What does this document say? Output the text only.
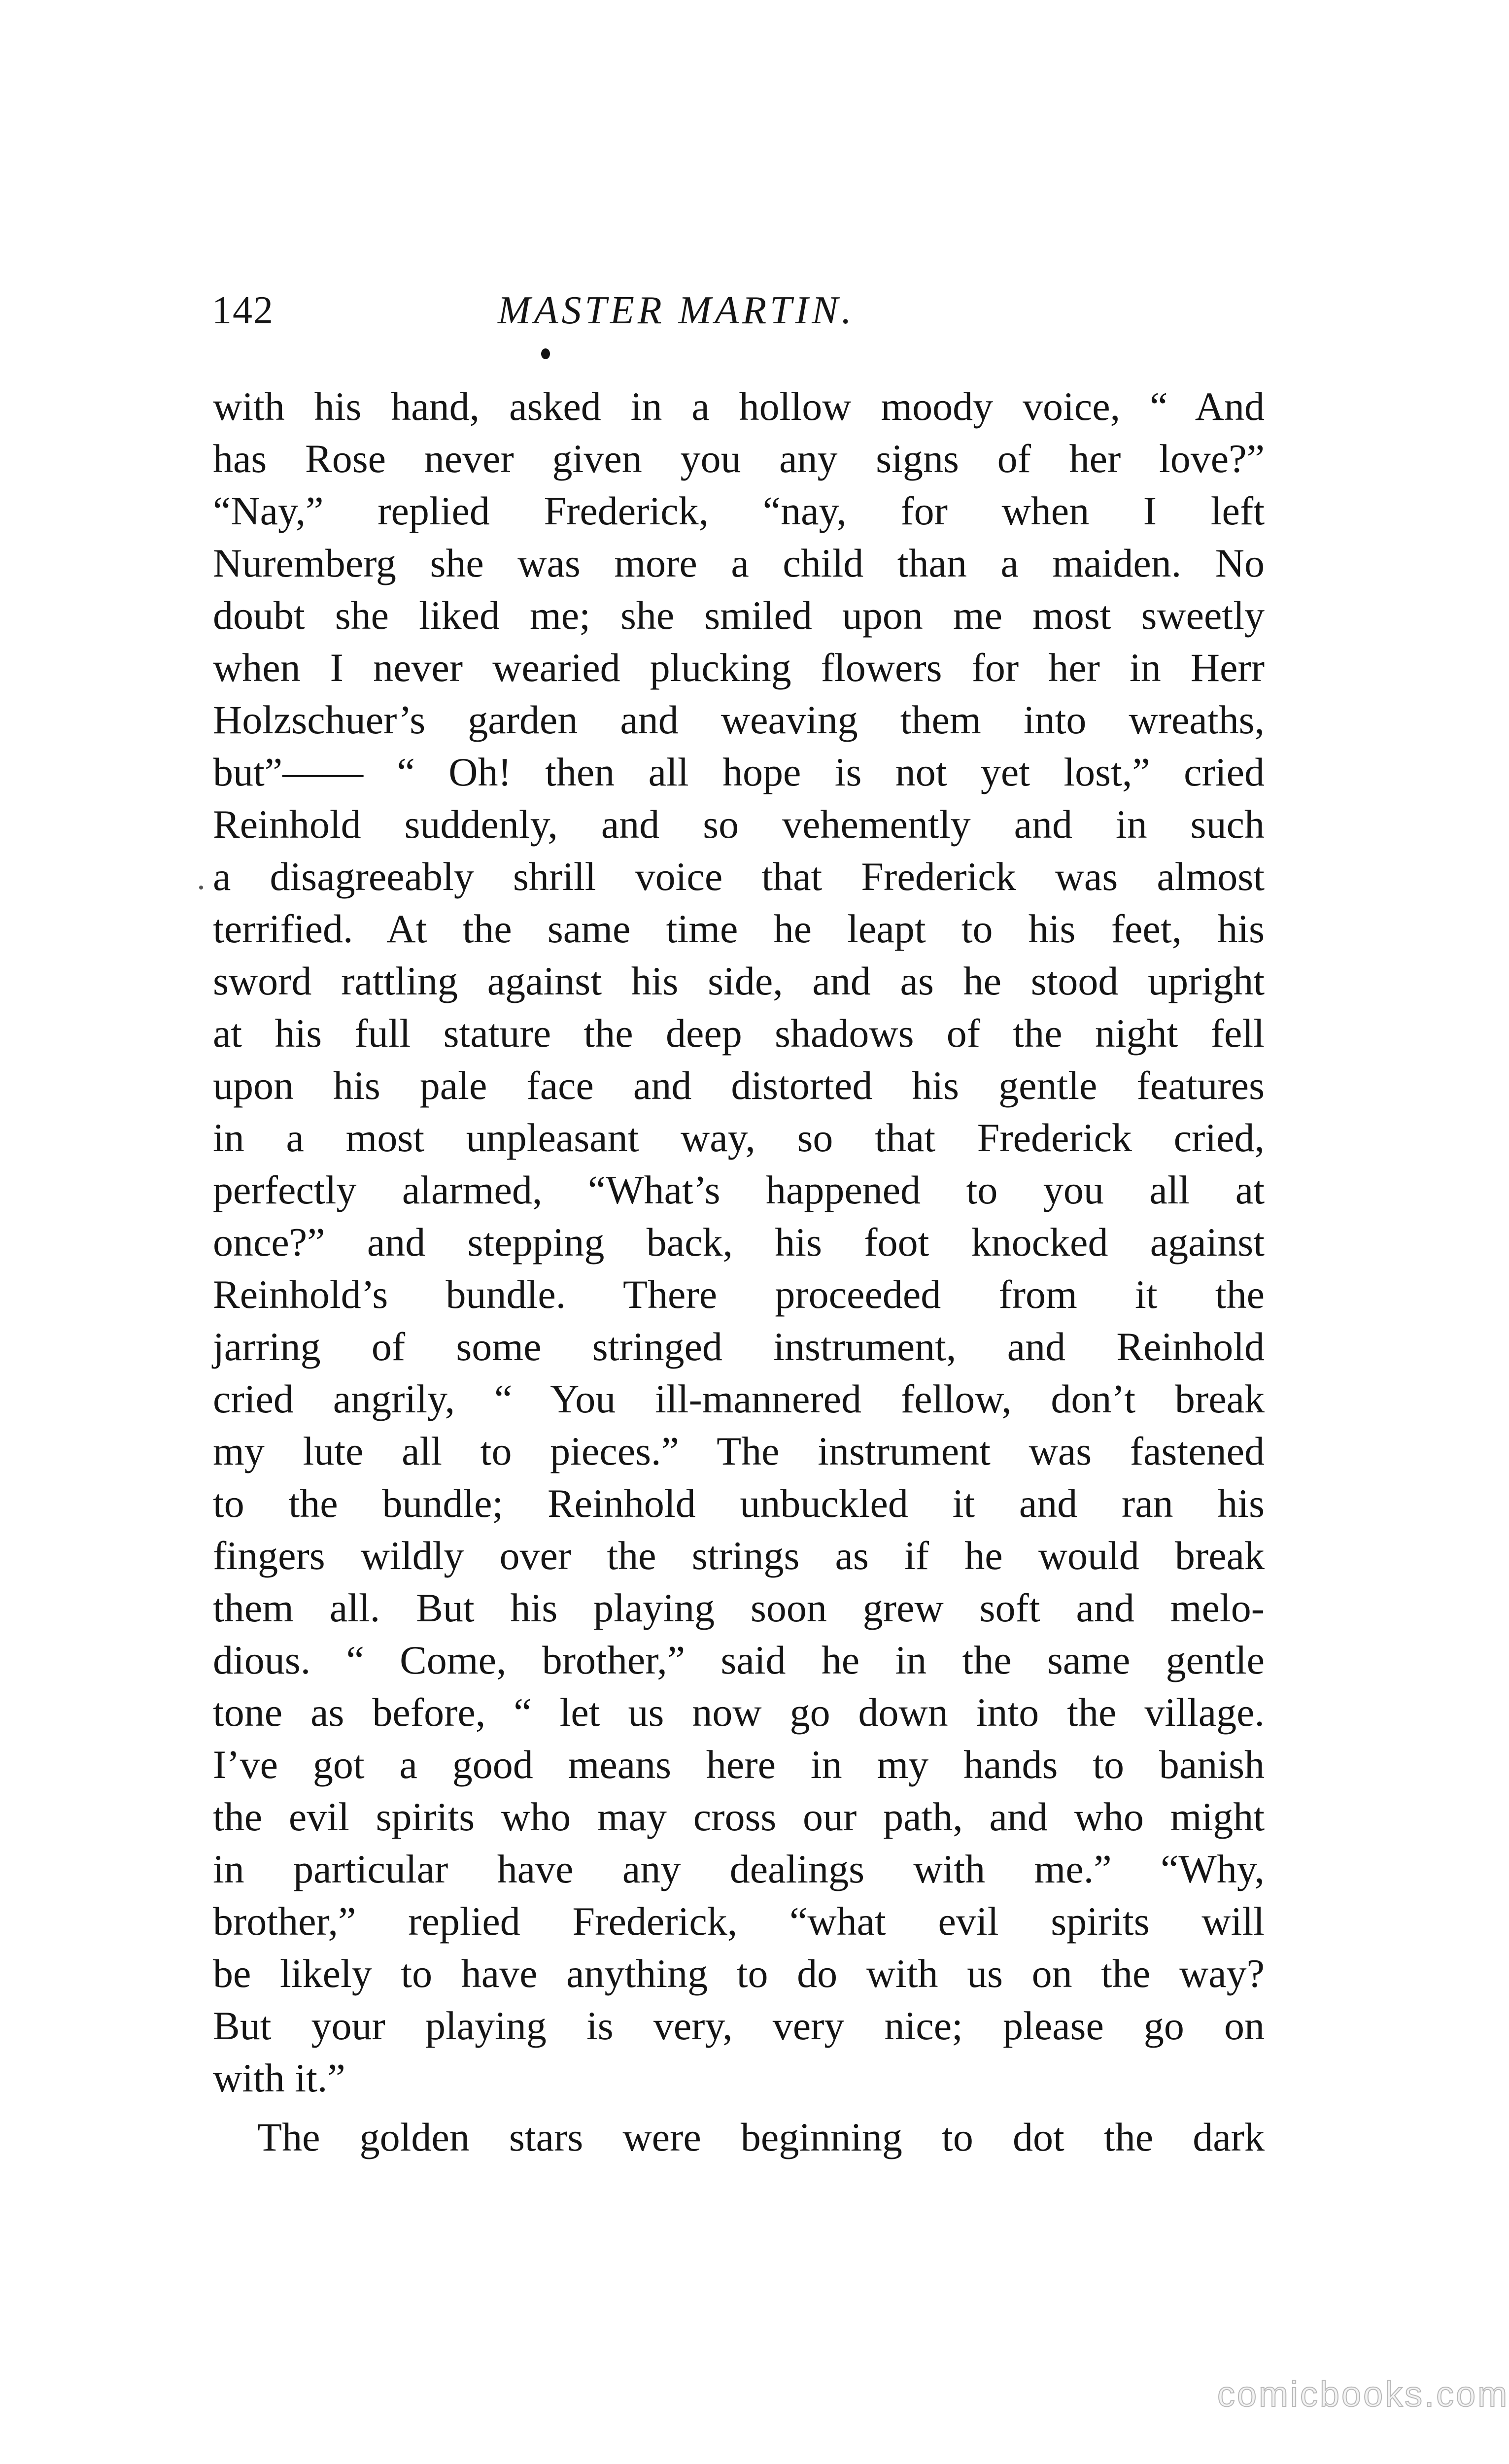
142	MASTER MARTIN.
with his hand, asked in a hollow moody voice, “ And
has Rose never given you any signs of her love?”
“Nay,” replied Frederick, “nay, for when I left
Nuremberg she was more a child than a maiden. No
doubt she liked me; she smiled upon me most sweetly
when I never wearied plucking flowers for her in Herr
Holzschuer’s garden and weaving them into wreaths,
but”—— “ Oh! then all hope is not yet lost,” cried
Reinhold suddenly, and so vehemently and in such
a disagreeably shrill voice that Frederick was almost
terrified. At the same time he leapt to his feet, his
sword rattling against his side, and as he stood upright
at his full stature the deep shadows of the night fell
upon his pale face and distorted his gentle features
in a most unpleasant way, so that Frederick cried,
perfectly alarmed, “What’s happened to you all at
once?” and stepping back, his foot knocked against
Reinhold’s bundle. There proceeded from it the
jarring of some stringed instrument, and Reinhold
cried angrily, “ You ill-mannered fellow, don’t break
my lute all to pieces.” The instrument was fastened
to the bundle; Reinhold unbuckled it and ran his
fingers wildly over the strings as if he would break
them all. But his playing soon grew soft and melo-
dious. “ Come, brother,” said he in the same gentle
tone as before, “ let us now go down into the village.
I’ve got a good means here in my hands to banish
the evil spirits who may cross our path, and who might
in particular have any dealings with me.” “Why,
brother,” replied Frederick, “what evil spirits will
be likely to have anything to do with us on the way?
But your playing is very, very nice; please go on
with it.”
The golden stars were beginning to dot the dark
comicbooks.com
